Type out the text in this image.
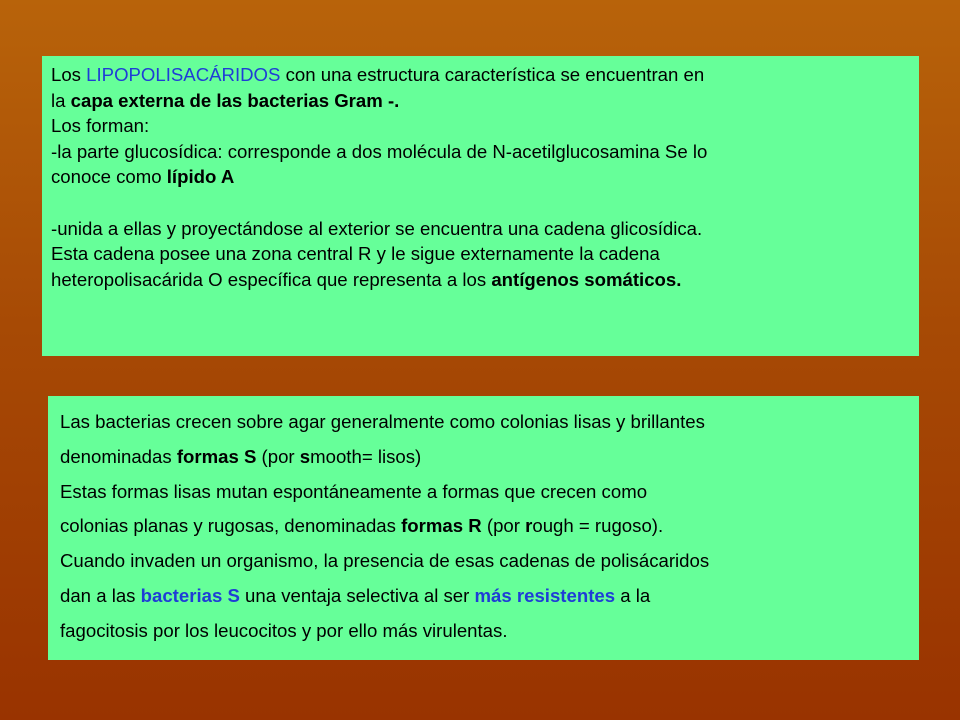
Los LIPOPOLISACÁRIDOS con una estructura característica se encuentran en

la capa externa de las bacterias Gram -.

Los forman:

-la parte glucosídica: corresponde a dos molécula de N-acetilglucosamina Se lo

conoce como lípido A

-unida a ellas y proyectándose al exterior se encuentra una cadena glicosídica.

Esta cadena posee una zona central R y le sigue externamente la cadena

heteropolisacárida O específica que representa a los antígenos somáticos.

Las bacterias crecen sobre agar generalmente como colonias lisas y brillantes

denominadas formas S (por smooth= lisos)

Estas formas lisas mutan espontáneamente a formas que crecen como

colonias planas y rugosas, denominadas formas R (por rough = rugoso).

Cuando invaden un organismo, la presencia de esas cadenas de polisácaridos

dan a las bacterias S una ventaja selectiva al ser más resistentes a la

fagocitosis por los leucocitos y por ello más virulentas.
